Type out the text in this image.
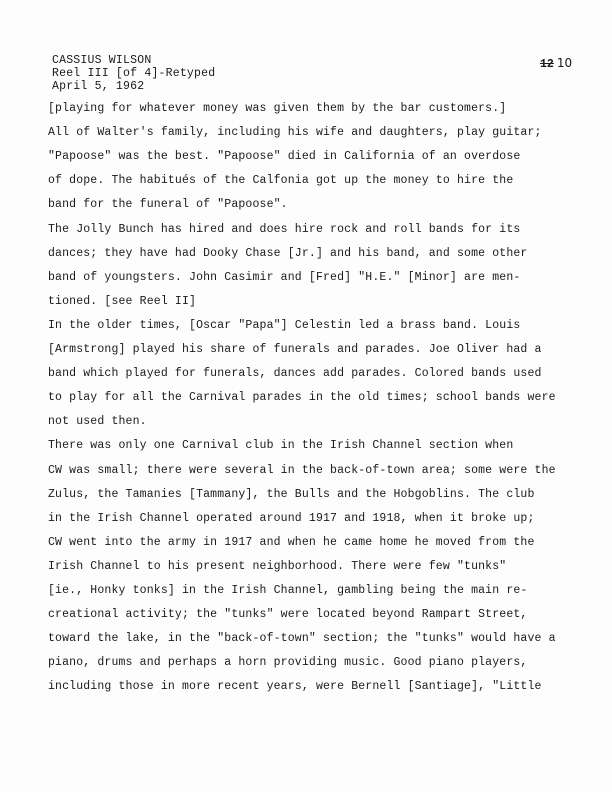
CASSIUS WILSON
Reel III [of 4]-Retyped
April 5, 1962
12 10
[playing for whatever money was given them by the bar customers.]
All of Walter's family, including his wife and daughters, play guitar;
"Papoose" was the best. "Papoose" died in California of an overdose
of dope. The habitués of the Calfonia got up the money to hire the
band for the funeral of "Papoose".
The Jolly Bunch has hired and does hire rock and roll bands for its
dances; they have had Dooky Chase [Jr.] and his band, and some other
band of youngsters. John Casimir and [Fred] "H.E." [Minor] are men-
tioned. [see Reel II]
In the older times, [Oscar "Papa"] Celestin led a brass band. Louis
[Armstrong] played his share of funerals and parades. Joe Oliver had a
band which played for funerals, dances add parades. Colored bands used
to play for all the Carnival parades in the old times; school bands were
not used then.
There was only one Carnival club in the Irish Channel section when
CW was small; there were several in the back-of-town area; some were the
Zulus, the Tamanies [Tammany], the Bulls and the Hobgoblins. The club
in the Irish Channel operated around 1917 and 1918, when it broke up;
CW went into the army in 1917 and when he came home he moved from the
Irish Channel to his present neighborhood. There were few "tunks"
[ie., Honky tonks] in the Irish Channel, gambling being the main re-
creational activity; the "tunks" were located beyond Rampart Street,
toward the lake, in the "back-of-town" section; the "tunks" would have a
piano, drums and perhaps a horn providing music. Good piano players,
including those in more recent years, were Bernell [Santiage], "Little
